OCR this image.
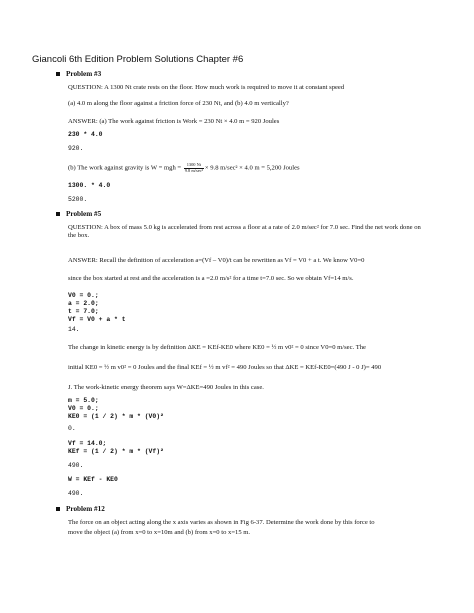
Giancoli 6th Edition Problem Solutions Chapter #6
Problem #3
QUESTION: A 1300 Nt crate rests on the floor. How much work is required to move it at constant speed
(a) 4.0 m along the floor against a friction force of 230 Nt, and (b) 4.0 m vertically?
ANSWER: (a) The work against friction is Work = 230 Nt × 4.0 m = 920 Joules
230 * 4.0
920.
(b) The work against gravity is W = mgh = $\frac{1300 Nt}{\text{9.8 m/sec²}} \times 9.8$ m/sec² × 4.0 m = 5,200 Joules
1300. * 4.0
5200.
Problem #5
QUESTION: A box of mass 5.0 kg is accelerated from rest across a floor at a rate of 2.0 m/sec² for 7.0 sec. Find the net work done on the box.
ANSWER: Recall the definition of acceleration a=(Vf – V0)/t can be rewritten as Vf = V0 + a t. We know V0=0
since the box started at rest and the acceleration is a =2.0 m/s² for a time t=7.0 sec. So we obtain Vf=14 m/s.
V0 = 0.;
a = 2.0;
t = 7.0;
Vf = V0 + a * t
14.
The change in kinetic energy is by definition ΔKE = KEf-KE0 where KE0 = ½ m v0² = 0 since V0=0 m/sec. The
initial KE0 = ½ m v0² = 0 Joules and the final KEf = ½ m vf² = 490 Joules so that ΔKE = KEf-KE0=(490 J - 0 J)= 490
J. The work-kinetic energy theorem says W=ΔKE=490 Joules in this case.
m = 5.0;
V0 = 0.;
KE0 = (1 / 2) * m * (V0)²
0.
Vf = 14.0;
KEf = (1 / 2) * m * (Vf)²
490.
W = KEf - KE0
490.
Problem #12
The force on an object acting along the x axis varies as shown in Fig 6-37. Determine the work done by this force to
move the object (a) from x=0 to x=10m and (b) from x=0 to x=15 m.
